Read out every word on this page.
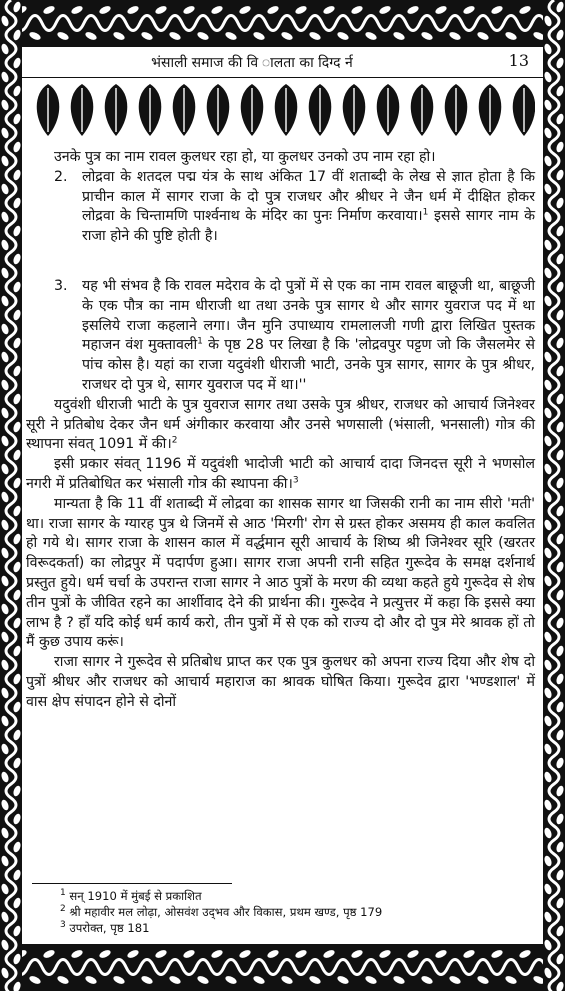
भंसाली समाज की वि ालता का दिग्द र्न	13

उनके पुत्र का नाम रावल कुलधर रहा हो, या कुलधर उनको उप नाम रहा हो।

2. लोद्रवा के शतदल पद्म यंत्र के साथ अंकित 17 वीं शताब्दी के लेख से ज्ञात होता है कि प्राचीन काल में सागर राजा के दो पुत्र राजधर और श्रीधर ने जैन धर्म में दीक्षित होकर लोद्रवा के चिन्तामणि पार्श्वनाथ के मंदिर का पुनः निर्माण करवाया।$^1$ इससे सागर नाम के राजा होने की पुष्टि होती है।
3. यह भी संभव है कि रावल मदेराव के दो पुत्रों में से एक का नाम रावल बाछूजी था, बाछूजी के एक पौत्र का नाम धीराजी था तथा उनके पुत्र सागर थे और सागर युवराज पद में था इसलिये राजा कहलाने लगा। जैन मुनि उपाध्याय रामलालजी गणी द्वारा लिखित पुस्तक महाजन वंश मुक्तावली$^1$ के पृष्ठ 28 पर लिखा है कि 'लोद्रवपुर पट्टण जो कि जैसलमेर से पांच कोस है। यहां का राजा यदुवंशी धीराजी भाटी, उनके पुत्र सागर, सागर के पुत्र श्रीधर, राजधर दो पुत्र थे, सागर युवराज पद में था।''

यदुवंशी धीराजी भाटी के पुत्र युवराज सागर तथा उसके पुत्र श्रीधर, राजधर को आचार्य जिनेश्वर सूरी ने प्रतिबोध देकर जैन धर्म अंगीकार करवाया और उनसे भणसाली (भंसाली, भनसाली) गोत्र की स्थापना संवत् 1091 में की।$^2$

इसी प्रकार संवत् 1196 में यदुवंशी भादोजी भाटी को आचार्य दादा जिनदत्त सूरी ने भणसोल नगरी में प्रतिबोधित कर भंसाली गोत्र की स्थापना की।$^3$

मान्यता है कि 11 वीं शताब्दी में लोद्रवा का शासक सागर था जिसकी रानी का नाम सीरो 'मती' था। राजा सागर के ग्यारह पुत्र थे जिनमें से आठ 'मिरगी' रोग से ग्रस्त होकर असमय ही काल कवलित हो गये थे। सागर राजा के शासन काल में वर्द्धमान सूरी आचार्य के शिष्य श्री जिनेश्वर सूरि (खरतर विरूदकर्ता) का लोद्रपुर में पदार्पण हुआ। सागर राजा अपनी रानी सहित गुरूदेव के समक्ष दर्शनार्थ प्रस्तुत हुये। धर्म चर्चा के उपरान्त राजा सागर ने आठ पुत्रों के मरण की व्यथा कहते हुये गुरूदेव से शेष तीन पुत्रों के जीवित रहने का आर्शीवाद देने की प्रार्थना की। गुरूदेव ने प्रत्युत्तर में कहा कि इससे क्या लाभ है ? हाँ यदि कोई धर्म कार्य करो, तीन पुत्रों में से एक को राज्य दो और दो पुत्र मेरे श्रावक हों तो मैं कुछ उपाय करूं।

राजा सागर ने गुरूदेव से प्रतिबोध प्राप्त कर एक पुत्र कुलधर को अपना राज्य दिया और शेष दो पुत्रों श्रीधर और राजधर को आचार्य महाराज का श्रावक घोषित किया। गुरूदेव द्वारा 'भण्डशाल' में वास क्षेप संपादन होने से दोनों

$^1$ सन् 1910 में मुंबई से प्रकाशित
$^2$ श्री महावीर मल लोढ़ा, ओसवंश उद्‌भव और विकास, प्रथम खण्ड, पृष्ठ 179
$^3$ उपरोक्त, पृष्ठ 181
